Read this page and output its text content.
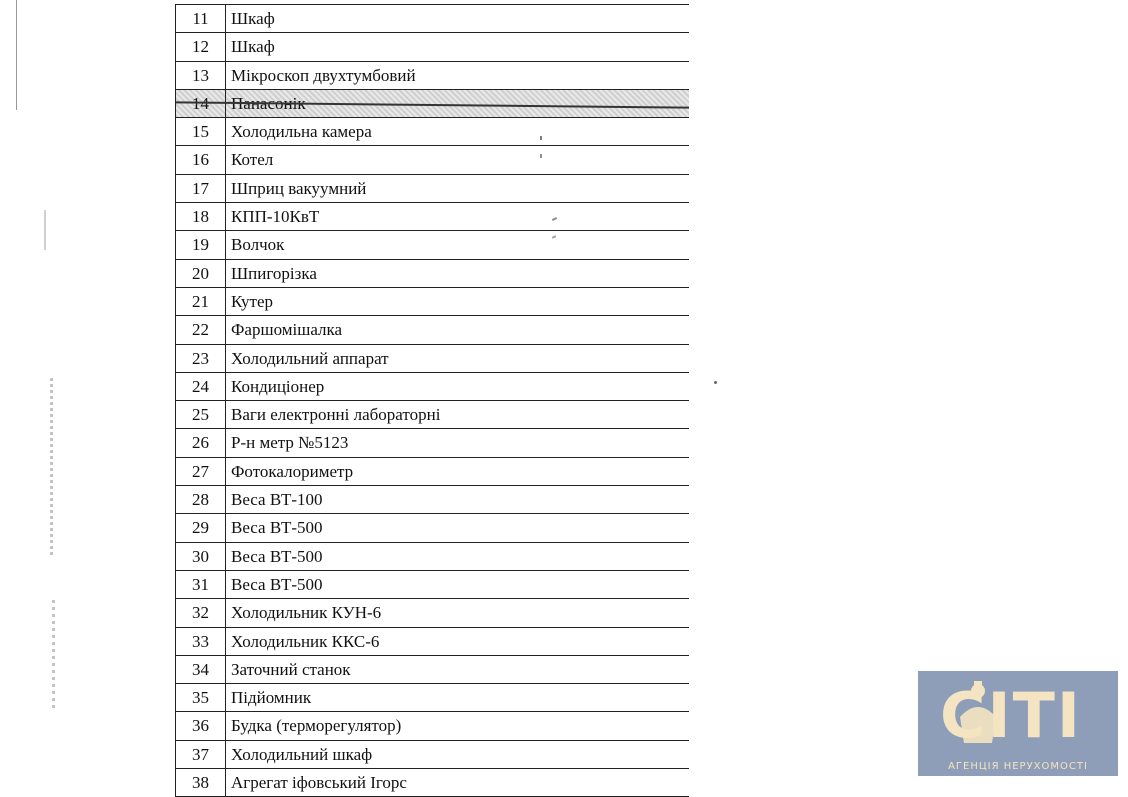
11	Шкаф
12	Шкаф
13	Мікроскоп двухтумбовий
14	Панасонік
15	Холодильна камера
16	Котел
17	Шприц вакуумний
18	КПП-10КвТ
19	Волчок
20	Шпигорізка
21	Кутер
22	Фаршомішалка
23	Холодильний аппарат
24	Кондиціонер
25	Ваги електронні лабораторні
26	Р-н метр №5123
27	Фотокалориметр
28	Веса ВТ-100
29	Веса ВТ-500
30	Веса ВТ-500
31	Веса ВТ-500
32	Холодильник КУН-6
33	Холодильник ККС-6
34	Заточний станок
35	Підйомник
36	Будка (терморегулятор)
37	Холодильний шкаф
38	Агрегат іфовський Ігорс
CITI
АГЕНЦІЯ НЕРУХОМОСТІ
